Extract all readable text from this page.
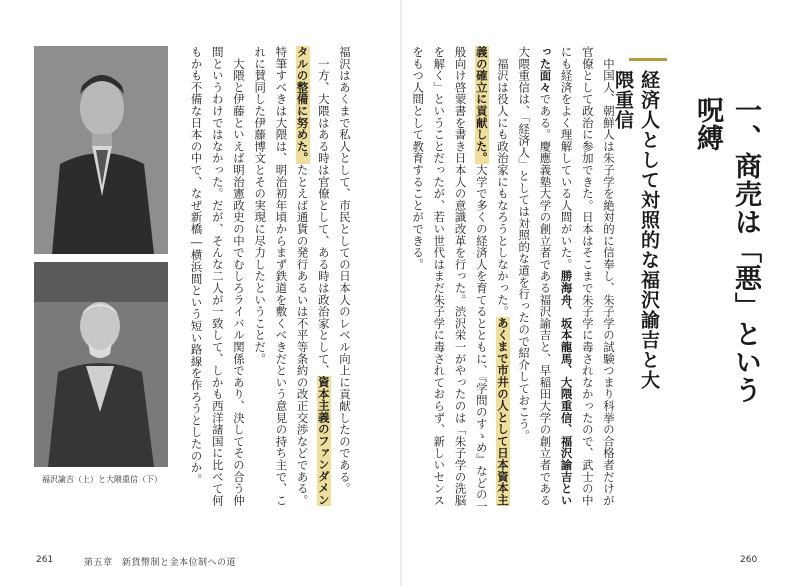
福沢諭吉（上）と大隈重信（下）	福沢はあくまで私人として、市民としての日本人のレベル向上に貢献したのである。
　一方、大隈はある時は官僚として、ある時は政治家として、資本主義のファンダメンタルの整備に努めた。たとえば通貨の発行あるいは不平等条約の改正交渉などである。特筆すべきは大隈は、明治初年頃からまず鉄道を敷くべきだという意見の持ち主で、これに賛同した伊藤博文とその実現に尽力したということだ。
　大隈と伊藤といえば明治憲政史の中でむしろライバル関係であり、決してその合う仲間というわけではなかった。だが、そんな二人が一致して、しかも西洋諸国に比べて何もかも不備な日本の中で、なぜ新橋―横浜間という短い路線を作ろうとしたのか。	一、商売は「悪」という呪縛
経済人として対照的な福沢諭吉と大隈重信
　中国人、朝鮮人は朱子学を絶対的に信奉し、朱子学の試験つまり科挙の合格者だけが官僚として政治に参加できた。日本はそこまで朱子学に毒されなかったので、武士の中にも経済をよく理解している人間がいた。勝海舟、坂本龍馬、大隈重信、福沢諭吉といった面々である。慶應義塾大学の創立者である福沢諭吉と、早稲田大学の創立者である大隈重信は、「経済人」としては対照的な道を行ったので紹介しておこう。
　福沢は役人にも政治家にもなろうとしなかった。あくまで市井の人として日本資本主義の確立に貢献した。大学で多くの経済人を育てるとともに、『学問のすゝめ』などの一般向け啓蒙書を書き日本人の意識改革を行った。渋沢栄一がやったのは「朱子学の洗脳を解く」ということだったが、若い世代はまだ朱子学に毒されておらず、新しいセンスをもつ人間として教育することができる。
261	第五章　新貨幣制と金本位制への道	260
